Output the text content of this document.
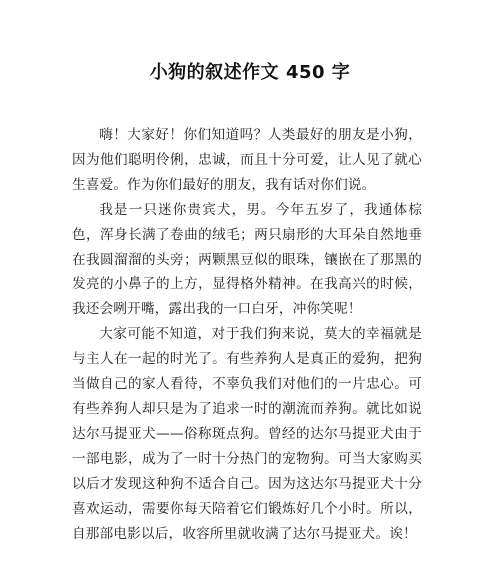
小狗的叙述作文 450 字

嗨！大家好！你们知道吗？人类最好的朋友是小狗，因为他们聪明伶俐，忠诚，而且十分可爱，让人见了就心生喜爱。作为你们最好的朋友，我有话对你们说。

我是一只迷你贵宾犬，男。今年五岁了，我通体棕色，浑身长满了卷曲的绒毛；两只扇形的大耳朵自然地垂在我圆溜溜的头旁；两颗黑豆似的眼珠，镶嵌在了那黑的发亮的小鼻子的上方，显得格外精神。在我高兴的时候，我还会咧开嘴，露出我的一口白牙，冲你笑呢！

大家可能不知道，对于我们狗来说，莫大的幸福就是与主人在一起的时光了。有些养狗人是真正的爱狗，把狗当做自己的家人看待，不辜负我们对他们的一片忠心。可有些养狗人却只是为了追求一时的潮流而养狗。就比如说达尔马提亚犬——俗称斑点狗。曾经的达尔马提亚犬由于一部电影，成为了一时十分热门的宠物狗。可当大家购买以后才发现这种狗不适合自己。因为这达尔马提亚犬十分喜欢运动，需要你每天陪着它们锻炼好几个小时。所以，自那部电影以后，收容所里就收满了达尔马提亚犬。诶！
